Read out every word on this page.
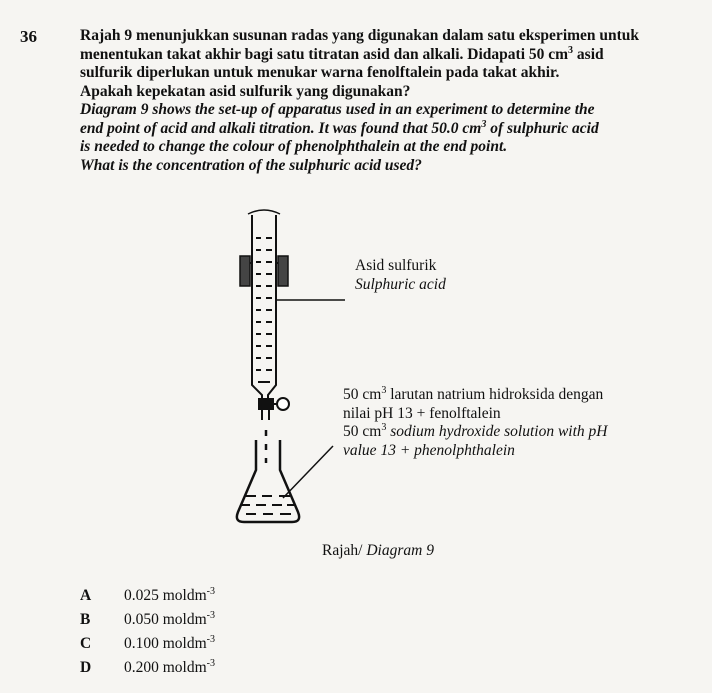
36	Rajah 9 menunjukkan susunan radas yang digunakan dalam satu eksperimen untuk

menentukan takat akhir bagi satu titratan asid dan alkali. Didapati 50 $cm^3$ asid

sulfurik diperlukan untuk menukar warna fenolftalein pada takat akhir.

Apakah kepekatan asid sulfurik yang digunakan?

Diagram 9 shows the set-up of apparatus used in an experiment to determine the

end point of acid and alkali titration. It was found that 50.0 $cm^3$ of sulphuric acid

is needed to change the colour of phenolphthalein at the end point.

What is the concentration of the sulphuric acid used?

Asid sulfurik
Sulphuric acid
50 $cm^3$ larutan natrium hidroksida dengan
nilai pH 13 + fenolftalein
50 $cm^3$ sodium hydroxide solution with pH
value 13 + phenolphthalein
Rajah/ Diagram 9
A 0.025 moldm$^{-3}$
B 0.050 moldm$^{-3}$
C 0.100 moldm$^{-3}$
D 0.200 moldm$^{-3}$
